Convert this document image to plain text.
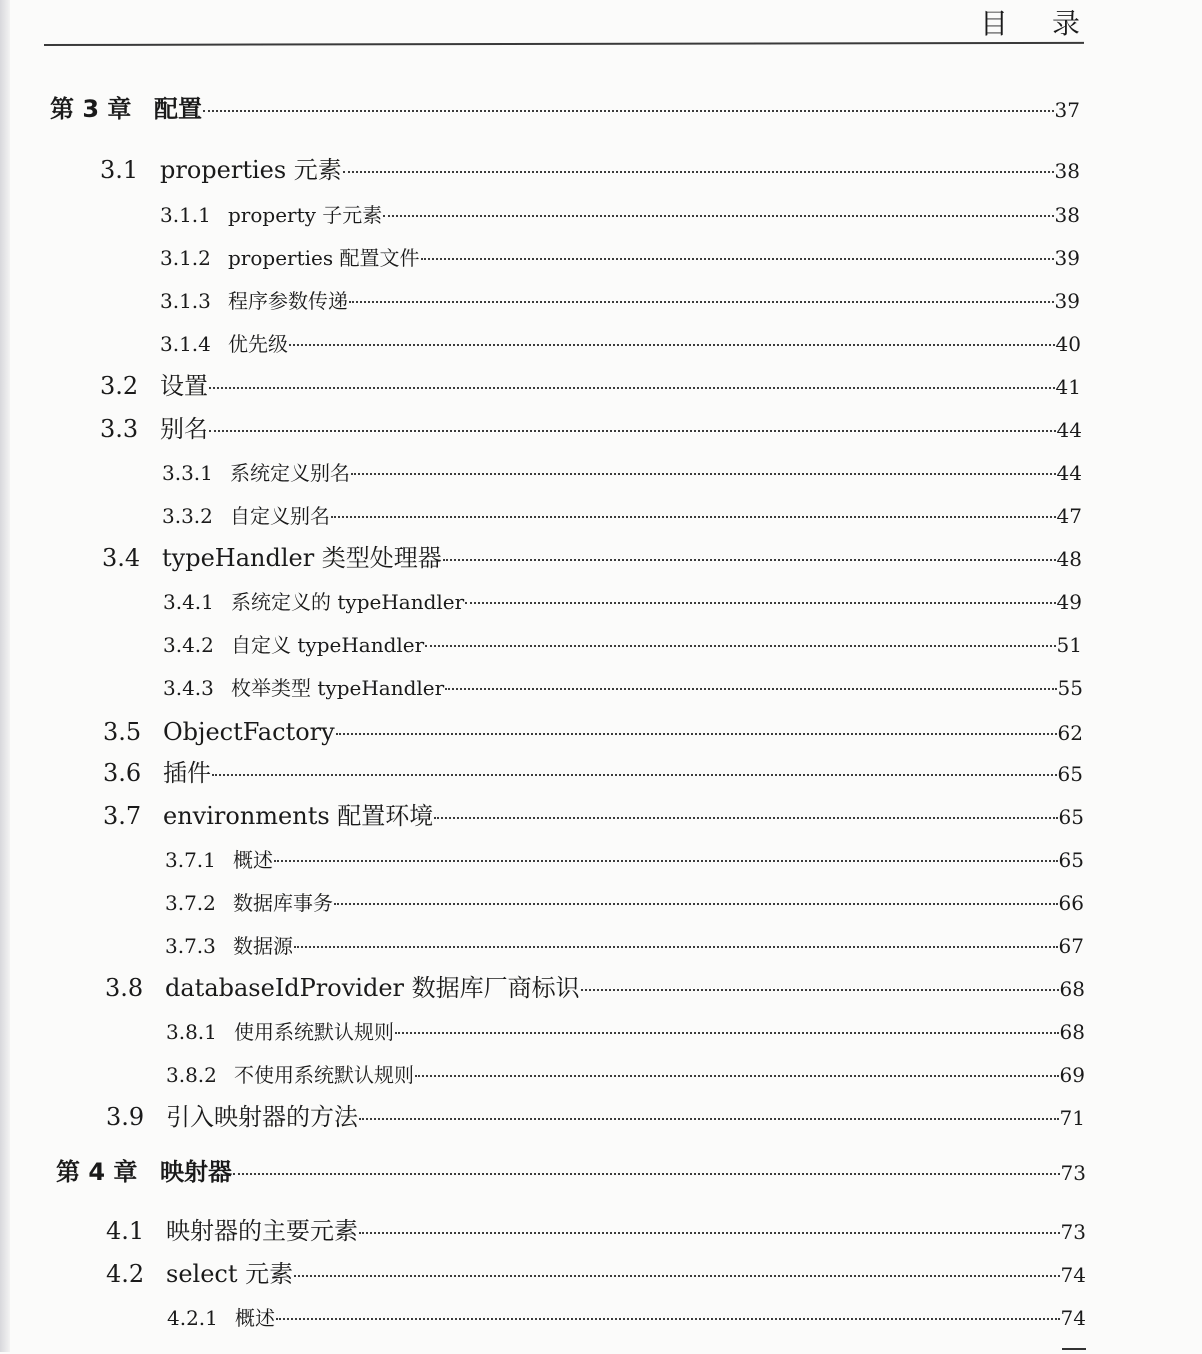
目录
第 3 章 配置	37
3.1 properties 元素	38
3.1.1 property 子元素	38
3.1.2 properties 配置文件	39
3.1.3 程序参数传递	39
3.1.4 优先级	40
3.2 设置	41
3.3 别名	44
3.3.1 系统定义别名	44
3.3.2 自定义别名	47
3.4 typeHandler 类型处理器	48
3.4.1 系统定义的 typeHandler	49
3.4.2 自定义 typeHandler	51
3.4.3 枚举类型 typeHandler	55
3.5 ObjectFactory	62
3.6 插件	65
3.7 environments 配置环境	65
3.7.1 概述	65
3.7.2 数据库事务	66
3.7.3 数据源	67
3.8 databaseIdProvider 数据库厂商标识	68
3.8.1 使用系统默认规则	68
3.8.2 不使用系统默认规则	69
3.9 引入映射器的方法	71
第 4 章 映射器	73
4.1 映射器的主要元素	73
4.2 select 元素	74
4.2.1 概述	74
